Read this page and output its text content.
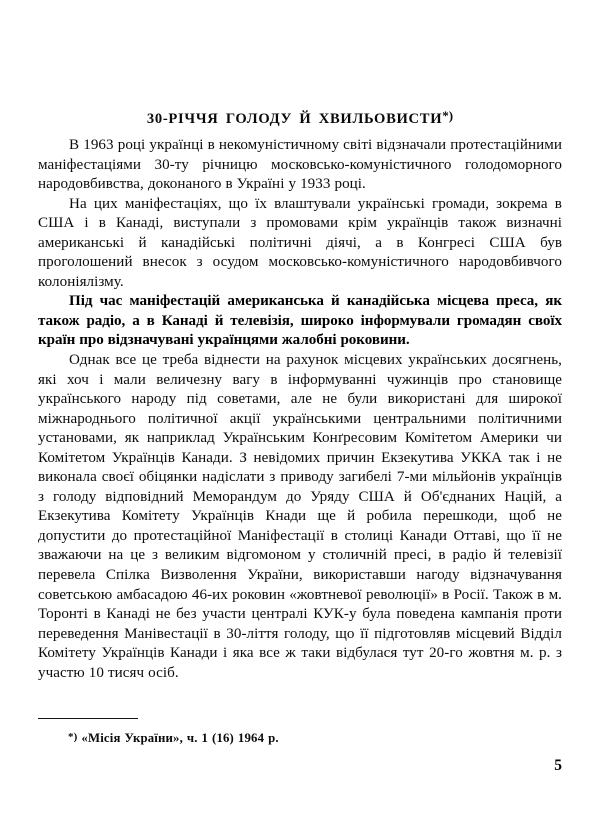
30-РІЧЧЯ ГОЛОДУ Й ХВИЛЬОВИСТИ*)

В 1963 році українці в некомуністичному світі відзначали протестаційними маніфестаціями 30-ту річницю московсько-комуністичного голодоморного народовбивства, доконаного в Україні у 1933 році.

На цих маніфестаціях, що їх влаштували українські громади, зокрема в США і в Канаді, виступали з промовами крім українців також визначні американські й канадійські політичні діячі, а в Конгресі США був проголошений внесок з осудом московсько-комуністичного народовбивчого колоніялізму.

Під час маніфестацій американська й канадійська місцева преса, як також радіо, а в Канаді й телевізія, широко інформували громадян своїх країн про відзначувані українцями жалобні роковини.

Однак все це треба віднести на рахунок місцевих українських досягнень, які хоч і мали величезну вагу в інформуванні чужинців про становище українського народу під советами, але не були використані для широкої міжнароднього політичної акції українськими центральними політичними установами, як наприклад Українським Конґресовим Комітетом Америки чи Комітетом Українців Канади. З невідомих причин Екзекутива УККА так і не виконала своєї обіцянки надіслати з приводу загибелі 7-ми мільйонів українців з голоду відповідний Меморандум до Уряду США й Об'єднаних Націй, а Екзекутива Комітету Українців Кнади ще й робила перешкоди, щоб не допустити до протестаційної Маніфестації в столиці Канади Оттаві, що її не зважаючи на це з великим відгомоном у столичній пресі, в радіо й телевізії перевела Спілка Визволення України, використавши нагоду відзначування советською амбасадою 46-их роковин «жовтневої революції» в Росії. Також в м. Торонті в Канаді не без участи централі КУК-у була поведена кампанія проти переведення Манівестації в 30-ліття голоду, що її підготовляв місцевий Відділ Комітету Українців Канади і яка все ж таки відбулася тут 20-го жовтня м. р. з участю 10 тисяч осіб.

*) «Місія України», ч. 1 (16) 1964 р.
5
